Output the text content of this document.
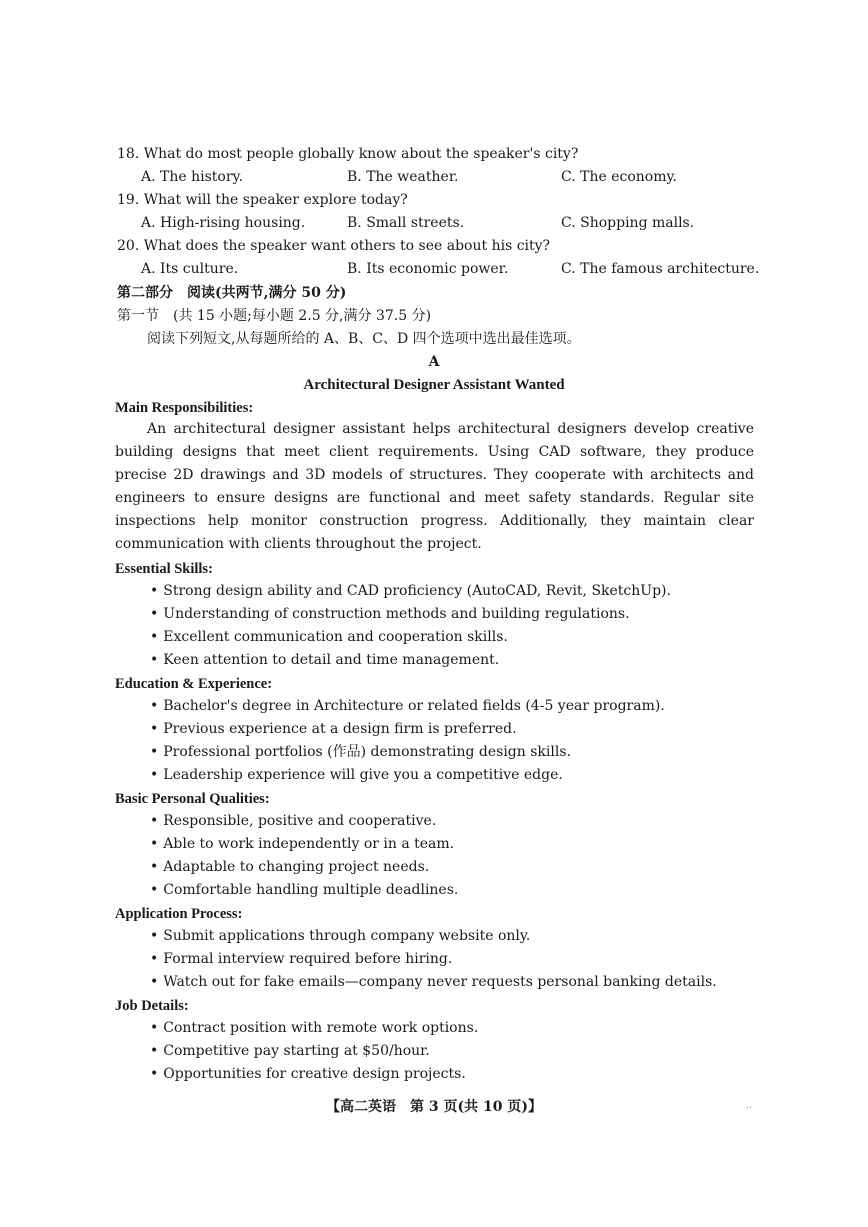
18. What do most people globally know about the speaker's city?
A. The history.	B. The weather.	C. The economy.
19. What will the speaker explore today?
A. High-rising housing.	B. Small streets.	C. Shopping malls.
20. What does the speaker want others to see about his city?
A. Its culture.	B. Its economic power.	C. The famous architecture.
第二部分　阅读(共两节,满分 50 分)
第一节　(共 15 小题;每小题 2.5 分,满分 37.5 分)
阅读下列短文,从每题所给的 A、B、C、D 四个选项中选出最佳选项。
A
Architectural Designer Assistant Wanted
Main Responsibilities:
An architectural designer assistant helps architectural designers develop creative building designs that meet client requirements. Using CAD software, they produce precise 2D drawings and 3D models of structures. They cooperate with architects and engineers to ensure designs are functional and meet safety standards. Regular site inspections help monitor construction progress. Additionally, they maintain clear communication with clients throughout the project.
Essential Skills:
• Strong design ability and CAD proficiency (AutoCAD, Revit, SketchUp).
• Understanding of construction methods and building regulations.
• Excellent communication and cooperation skills.
• Keen attention to detail and time management.
Education & Experience:
• Bachelor's degree in Architecture or related fields (4-5 year program).
• Previous experience at a design firm is preferred.
• Professional portfolios (作品) demonstrating design skills.
• Leadership experience will give you a competitive edge.
Basic Personal Qualities:
• Responsible, positive and cooperative.
• Able to work independently or in a team.
• Adaptable to changing project needs.
• Comfortable handling multiple deadlines.
Application Process:
• Submit applications through company website only.
• Formal interview required before hiring.
• Watch out for fake emails—company never requests personal banking details.
Job Details:
• Contract position with remote work options.
• Competitive pay starting at $50/hour.
• Opportunities for creative design projects.
【高二英语　第 3 页(共 10 页)】	..
